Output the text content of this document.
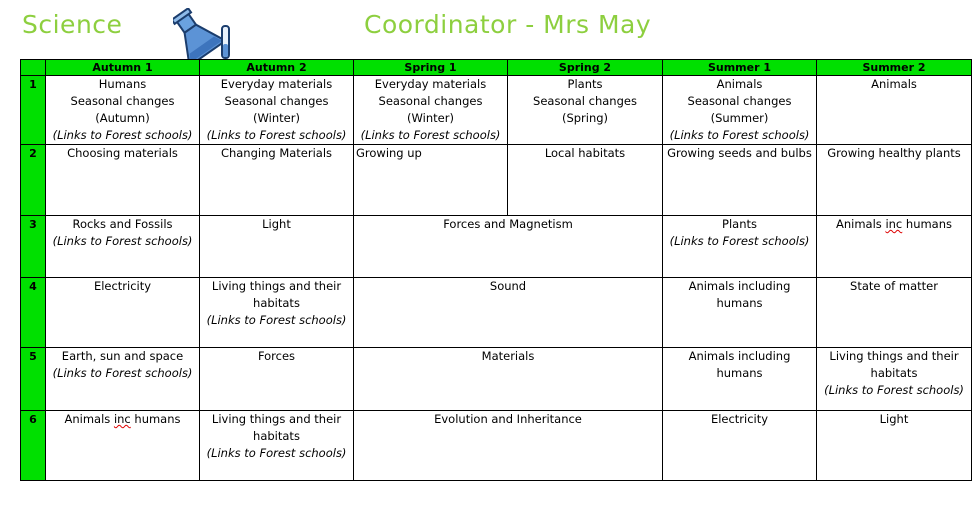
Science	Coordinator - Mrs May
	Autumn 1	Autumn 2	Spring 1	Spring 2	Summer 1	Summer 2
1	Humans
Seasonal changes
(Autumn)
(Links to Forest schools)	Everyday materials
Seasonal changes
(Winter)
(Links to Forest schools)	Everyday materials
Seasonal changes
(Winter)
(Links to Forest schools)	Plants
Seasonal changes
(Spring)	Animals
Seasonal changes
(Summer)
(Links to Forest schools)	Animals

2	Choosing materials	Changing Materials	Growing up	Local habitats	Growing seeds and bulbs	Growing healthy plants

3	Rocks and Fossils
(Links to Forest schools)	Light	Forces and Magnetism		Plants
(Links to Forest schools)	Animals inc humans

4	Electricity	Living things and their
habitats
(Links to Forest schools)	Sound		Animals including
humans	State of matter

5	Earth, sun and space
(Links to Forest schools)	Forces	Materials		Animals including
humans	Living things and their
habitats
(Links to Forest schools)

6	Animals inc humans	Living things and their
habitats
(Links to Forest schools)	Evolution and Inheritance		Electricity	Light
